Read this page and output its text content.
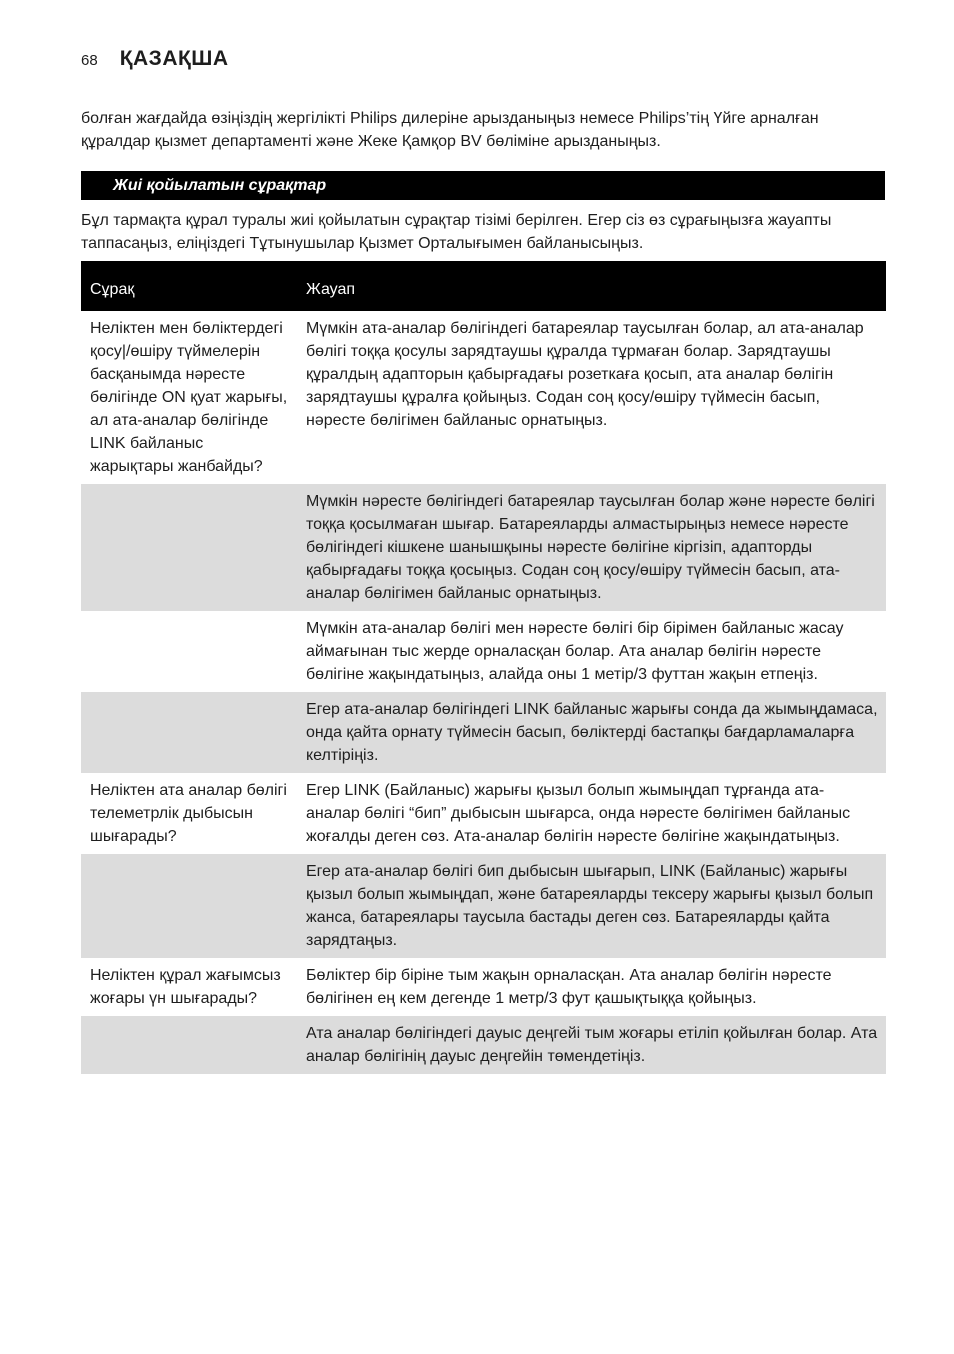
68 ҚАЗАҚША
болған жағдайда өзіңіздің жергілікті Philips дилеріне арызданыңыз немесе Philips’тің Үйге арналған құралдар қызмет департаменті және Жеке Қамқор BV бөліміне арызданыңыз.
Жиі қойылатын сұрақтар
Бұл тармақта құрал туралы жиі қойылатын сұрақтар тізімі берілген. Егер сіз өз сұрағыңызға жауапты таппасаңыз, еліңіздегі Тұтынушылар Қызмет Орталығымен байланысыңыз.
Сұрақ	Жауап
Неліктен мен бөліктердегі қосу|/өшіру түймелерін басқанымда нәресте бөлігінде ON қуат жарығы, ал ата-аналар бөлігінде LINK байланыс жарықтары жанбайды?	Мүмкін ата-аналар бөлігіндегі батареялар таусылған болар, ал ата-аналар бөлігі тоққа қосулы зарядтаушы құралда тұрмаған болар. Зарядтаушы құралдың адапторын қабырғадағы розеткаға қосып, ата аналар бөлігін зарядтаушы құралға қойыңыз. Содан соң қосу/өшіру түймесін басып, нәресте бөлігімен байланыс орнатыңыз.
	Мүмкін нәресте бөлігіндегі батареялар таусылған болар және нәресте бөлігі тоққа қосылмаған шығар. Батареяларды алмастырыңыз немесе нәресте бөлігіндегі кішкене шанышқыны нәресте бөлігіне кіргізіп, адапторды қабырғадағы тоққа қосыңыз. Содан соң қосу/өшіру түймесін басып, ата-аналар бөлігімен байланыс орнатыңыз.
	Мүмкін ата-аналар бөлігі мен нәресте бөлігі бір бірімен байланыс жасау аймағынан тыс жерде орналасқан болар. Ата аналар бөлігін нәресте бөлігіне жақындатыңыз, алайда оны 1 метір/3 футтан жақын етпеңіз.
	Егер ата-аналар бөлігіндегі LINK байланыс жарығы сонда да жымыңдамаса, онда қайта орнату түймесін басып, бөліктерді бастапқы бағдарламаларға келтіріңіз.
Неліктен ата аналар бөлігі телеметрлік дыбысын шығарады?	Егер LINK (Байланыс) жарығы қызыл болып жымыңдап тұрғанда ата-аналар бөлігі “бип” дыбысын шығарса, онда нәресте бөлігімен байланыс жоғалды деген сөз. Ата-аналар бөлігін нәресте бөлігіне жақындатыңыз.
	Егер ата-аналар бөлігі бип дыбысын шығарып, LINK (Байланыс) жарығы қызыл болып жымыңдап, және батареяларды тексеру жарығы қызыл болып жанса, батареялары таусыла бастады деген сөз. Батареяларды қайта зарядтаңыз.
Неліктен құрал жағымсыз жоғары үн шығарады?	Бөліктер бір біріне тым жақын орналасқан. Ата аналар бөлігін нәресте бөлігінен ең кем дегенде 1 метр/3 фут қашықтыққа қойыңыз.
	Ата аналар бөлігіндегі дауыс деңгейі тым жоғары етіліп қойылған болар. Ата аналар бөлігінің дауыс деңгейін төмендетіңіз.
